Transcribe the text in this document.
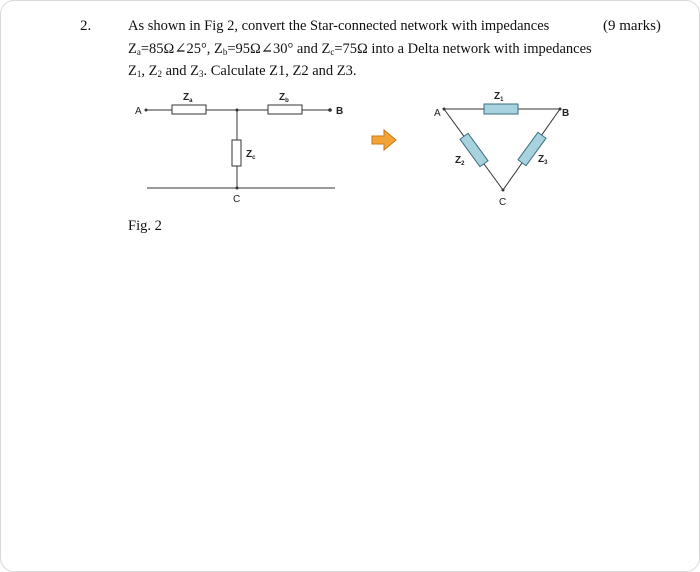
2.	(9 marks)
As shown in Fig 2, convert the Star-connected network with impedances
$Z_a=85\Omega\angle 25^\circ$, $Z_b=95\Omega\angle 30^\circ$ and $Z_c=75\Omega$ into a Delta network with impedances
$Z_1$, $Z_2$ and $Z_3$. Calculate Z1, Z2 and Z3.
Fig. 2
A	B
C
$Z_a$	$Z_b$
$Z_c$
A	B
C
$Z_1$
$Z_2$	$Z_3$
